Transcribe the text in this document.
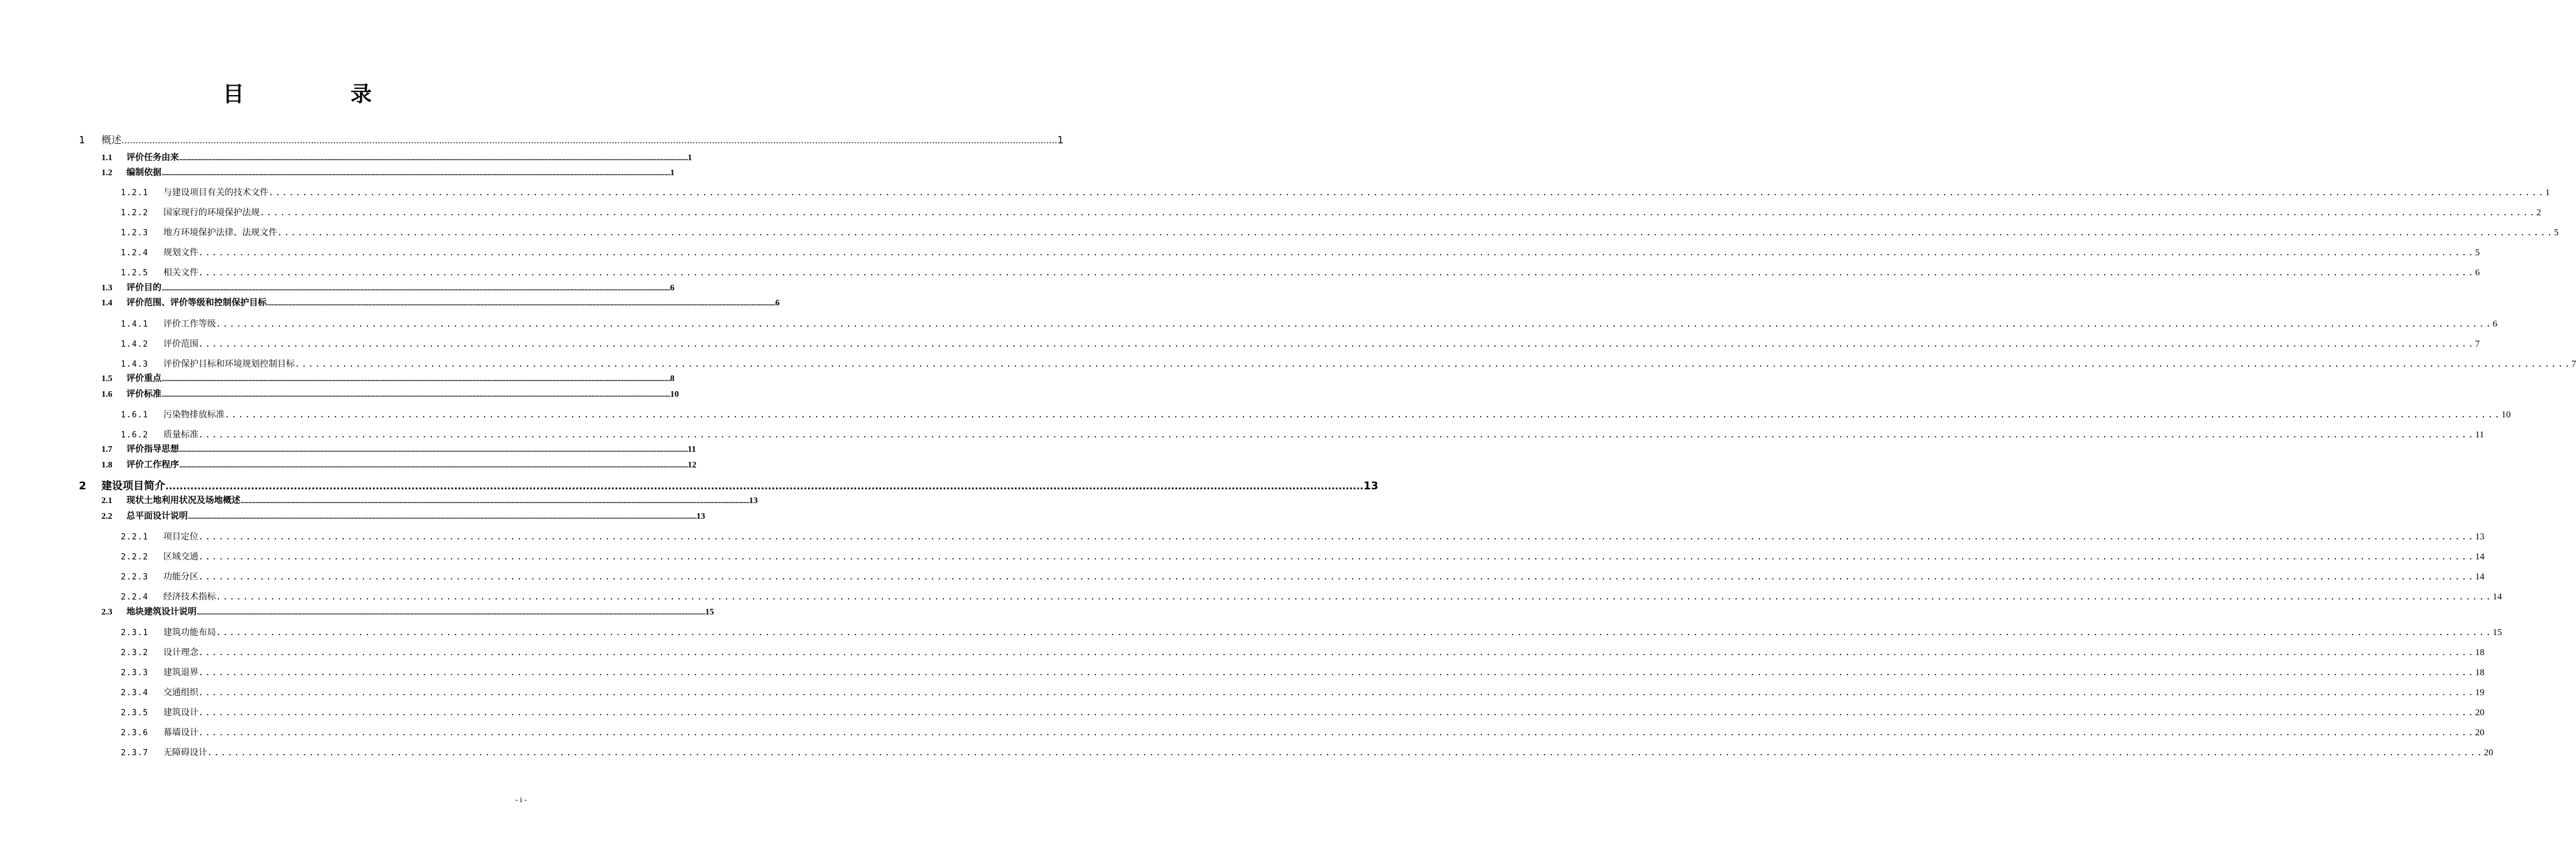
目　录
1	概述 ................................................................................................................................................................................................................................................................................................................................................ 1
1.1	评价任务由来 ................................................................................................................................................................................................................................................................................................................................................ 1
1.2	编制依据 ................................................................................................................................................................................................................................................................................................................................................ 1
1.2.1	与建设项目有关的技术文件 ................................................................................................................................................................................................................................................................................................................................................ 1
1.2.2	国家现行的环境保护法规 ................................................................................................................................................................................................................................................................................................................................................ 2
1.2.3	地方环境保护法律、法规文件 ................................................................................................................................................................................................................................................................................................................................................ 5
1.2.4	规划文件 ................................................................................................................................................................................................................................................................................................................................................ 5
1.2.5	相关文件 ................................................................................................................................................................................................................................................................................................................................................ 6
1.3	评价目的 ................................................................................................................................................................................................................................................................................................................................................ 6
1.4	评价范围、评价等级和控制保护目标 ................................................................................................................................................................................................................................................................................................................................................ 6
1.4.1	评价工作等级 ................................................................................................................................................................................................................................................................................................................................................ 6
1.4.2	评价范围 ................................................................................................................................................................................................................................................................................................................................................ 7
1.4.3	评价保护目标和环境规划控制目标 ................................................................................................................................................................................................................................................................................................................................................ 7
1.5	评价重点 ................................................................................................................................................................................................................................................................................................................................................ 8
1.6	评价标准 ................................................................................................................................................................................................................................................................................................................................................ 10
1.6.1	污染物排放标准 ................................................................................................................................................................................................................................................................................................................................................ 10
1.6.2	质量标准 ................................................................................................................................................................................................................................................................................................................................................ 11
1.7	评价指导思想 ................................................................................................................................................................................................................................................................................................................................................ 11
1.8	评价工作程序 ................................................................................................................................................................................................................................................................................................................................................ 12
2	建设项目简介 ................................................................................................................................................................................................................................................................................................................................................ 13
2.1	现状土地利用状况及场地概述 ................................................................................................................................................................................................................................................................................................................................................ 13
2.2	总平面设计说明 ................................................................................................................................................................................................................................................................................................................................................ 13
2.2.1	项目定位 ................................................................................................................................................................................................................................................................................................................................................ 13
2.2.2	区域交通 ................................................................................................................................................................................................................................................................................................................................................ 14
2.2.3	功能分区 ................................................................................................................................................................................................................................................................................................................................................ 14
2.2.4	经济技术指标 ................................................................................................................................................................................................................................................................................................................................................ 14
2.3	地块建筑设计说明 ................................................................................................................................................................................................................................................................................................................................................ 15
2.3.1	建筑功能布局 ................................................................................................................................................................................................................................................................................................................................................ 15
2.3.2	设计理念 ................................................................................................................................................................................................................................................................................................................................................ 18
2.3.3	建筑退界 ................................................................................................................................................................................................................................................................................................................................................ 18
2.3.4	交通组织 ................................................................................................................................................................................................................................................................................................................................................ 19
2.3.5	建筑设计 ................................................................................................................................................................................................................................................................................................................................................ 20
2.3.6	幕墙设计 ................................................................................................................................................................................................................................................................................................................................................ 20
2.3.7	无障碍设计 ................................................................................................................................................................................................................................................................................................................................................ 20
- i -
